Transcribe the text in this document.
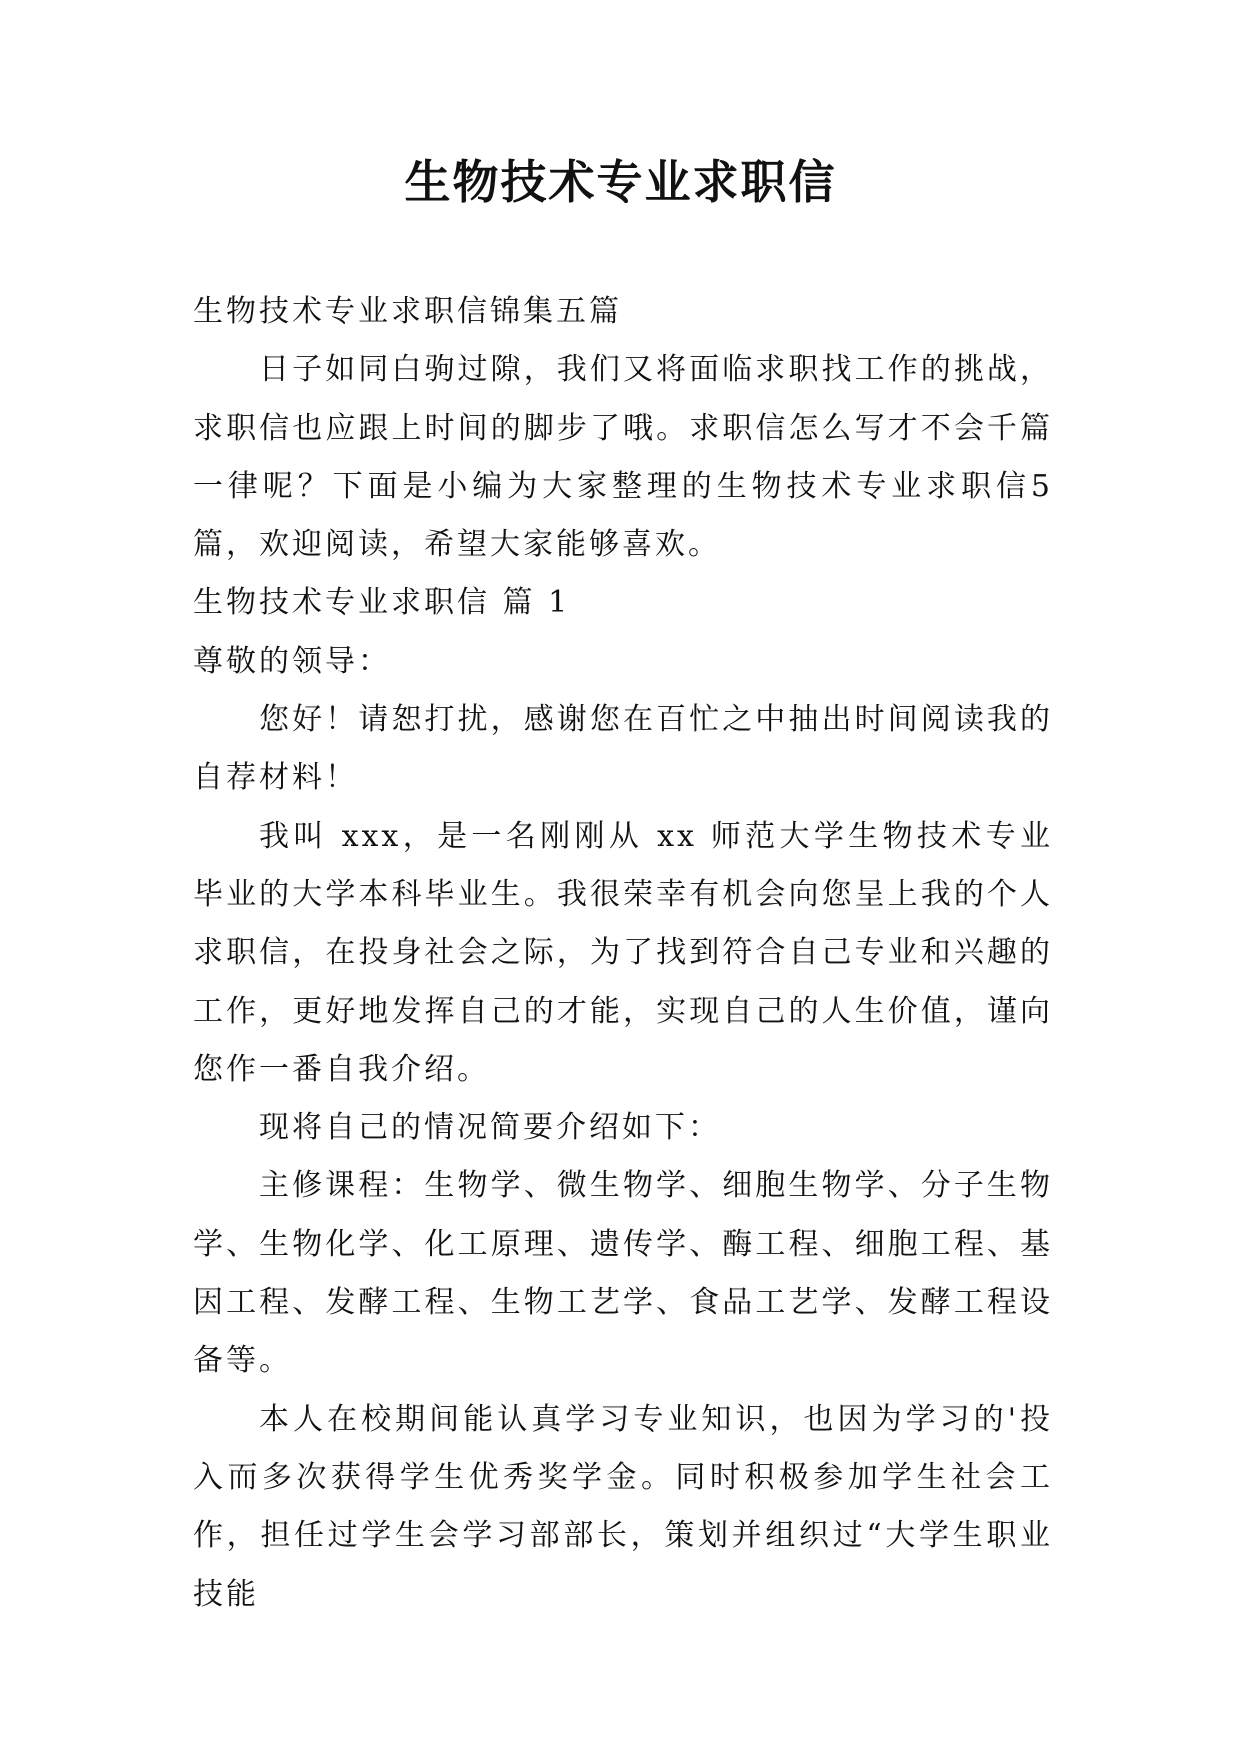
生物技术专业求职信

生物技术专业求职信锦集五篇

日子如同白驹过隙，我们又将面临求职找工作的挑战，求职信也应跟上时间的脚步了哦。求职信怎么写才不会千篇一律呢？下面是小编为大家整理的生物技术专业求职信5篇，欢迎阅读，希望大家能够喜欢。

生物技术专业求职信 篇 1

尊敬的领导：

您好！请恕打扰，感谢您在百忙之中抽出时间阅读我的自荐材料！

我叫 xxx，是一名刚刚从 xx 师范大学生物技术专业毕业的大学本科毕业生。我很荣幸有机会向您呈上我的个人求职信，在投身社会之际，为了找到符合自己专业和兴趣的工作，更好地发挥自己的才能，实现自己的人生价值，谨向您作一番自我介绍。

现将自己的情况简要介绍如下：

主修课程：生物学、微生物学、细胞生物学、分子生物学、生物化学、化工原理、遗传学、酶工程、细胞工程、基因工程、发酵工程、生物工艺学、食品工艺学、发酵工程设备等。

本人在校期间能认真学习专业知识，也因为学习的'投入而多次获得学生优秀奖学金。同时积极参加学生社会工作，担任过学生会学习部部长，策划并组织过“大学生职业技能
